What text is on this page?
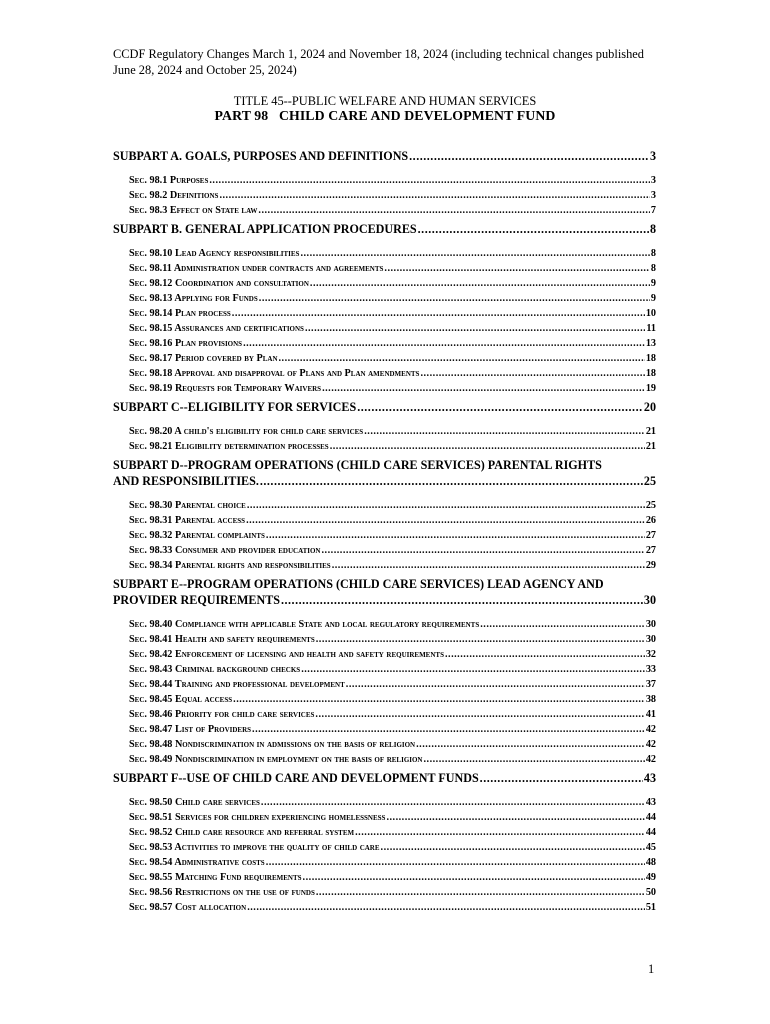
CCDF Regulatory Changes March 1, 2024 and November 18, 2024 (including technical changes published
June 28, 2024 and October 25, 2024)
TITLE 45--PUBLIC WELFARE AND HUMAN SERVICES
PART 98   CHILD CARE AND DEVELOPMENT FUND
SUBPART A. GOALS, PURPOSES AND DEFINITIONS .....	3
Sec. 98.1 Purposes .....	3
Sec. 98.2 Definitions .....	3
Sec. 98.3 Effect on State law .....	7
SUBPART B. GENERAL APPLICATION PROCEDURES .....	8
Sec. 98.10 Lead Agency responsibilities .....	8
Sec. 98.11 Administration under contracts and agreements .....	8
Sec. 98.12 Coordination and consultation .....	9
Sec. 98.13 Applying for Funds .....	9
Sec. 98.14 Plan process .....	10
Sec. 98.15 Assurances and certifications .....	11
Sec. 98.16 Plan provisions .....	13
Sec. 98.17 Period covered by Plan .....	18
Sec. 98.18 Approval and disapproval of Plans and Plan amendments .....	18
Sec. 98.19 Requests for Temporary Waivers .....	19
SUBPART C--ELIGIBILITY FOR SERVICES .....	20
Sec. 98.20 A child's eligibility for child care services .....	21
Sec. 98.21 Eligibility determination processes .....	21
SUBPART D--PROGRAM OPERATIONS (CHILD CARE SERVICES) PARENTAL RIGHTS
AND RESPONSIBILITIES. .....	25
Sec. 98.30 Parental choice .....	25
Sec. 98.31 Parental access .....	26
Sec. 98.32 Parental complaints .....	27
Sec. 98.33 Consumer and provider education .....	27
Sec. 98.34 Parental rights and responsibilities .....	29
SUBPART E--PROGRAM OPERATIONS (CHILD CARE SERVICES) LEAD AGENCY AND
PROVIDER REQUIREMENTS .....	30
Sec. 98.40 Compliance with applicable State and local regulatory requirements .....	30
Sec. 98.41 Health and safety requirements .....	30
Sec. 98.42 Enforcement of licensing and health and safety requirements .....	32
Sec. 98.43 Criminal background checks .....	33
Sec. 98.44 Training and professional development .....	37
Sec. 98.45 Equal access .....	38
Sec. 98.46 Priority for child care services .....	41
Sec. 98.47 List of Providers .....	42
Sec. 98.48 Nondiscrimination in admissions on the basis of religion .....	42
Sec. 98.49 Nondiscrimination in employment on the basis of religion .....	42
SUBPART F--USE OF CHILD CARE AND DEVELOPMENT FUNDS .....	43
Sec. 98.50 Child care services .....	43
Sec. 98.51 Services for children experiencing homelessness .....	44
Sec. 98.52 Child care resource and referral system .....	44
Sec. 98.53 Activities to improve the quality of child care .....	45
Sec. 98.54 Administrative costs .....	48
Sec. 98.55 Matching Fund requirements .....	49
Sec. 98.56 Restrictions on the use of funds .....	50
Sec. 98.57 Cost allocation .....	51
1
